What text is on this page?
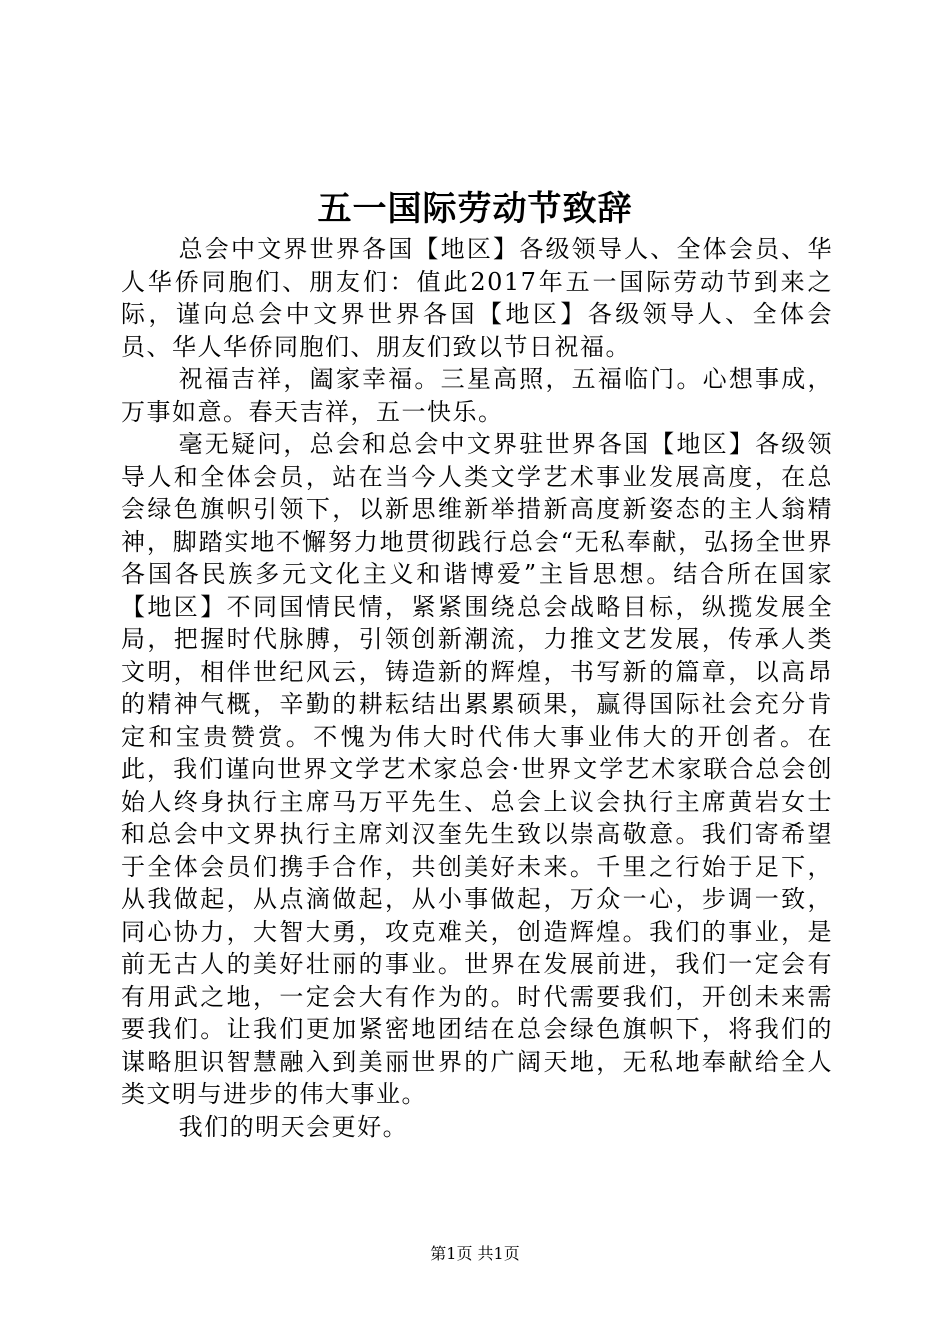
五一国际劳动节致辞

总会中文界世界各国【地区】各级领导人、全体会员、华人华侨同胞们、朋友们：值此2017年五一国际劳动节到来之际，谨向总会中文界世界各国【地区】各级领导人、全体会员、华人华侨同胞们、朋友们致以节日祝福。

祝福吉祥，阖家幸福。三星高照，五福临门。心想事成，万事如意。春天吉祥，五一快乐。

毫无疑问，总会和总会中文界驻世界各国【地区】各级领导人和全体会员，站在当今人类文学艺术事业发展高度，在总会绿色旗帜引领下，以新思维新举措新高度新姿态的主人翁精神，脚踏实地不懈努力地贯彻践行总会“无私奉献，弘扬全世界各国各民族多元文化主义和谐博爱”主旨思想。结合所在国家【地区】不同国情民情，紧紧围绕总会战略目标，纵揽发展全局，把握时代脉膊，引领创新潮流，力推文艺发展，传承人类文明，相伴世纪风云，铸造新的辉煌，书写新的篇章，以高昂的精神气概，辛勤的耕耘结出累累硕果，赢得国际社会充分肯定和宝贵赞赏。不愧为伟大时代伟大事业伟大的开创者。在此，我们谨向世界文学艺术家总会·世界文学艺术家联合总会创始人终身执行主席马万平先生、总会上议会执行主席黄岩女士和总会中文界执行主席刘汉奎先生致以崇高敬意。我们寄希望于全体会员们携手合作，共创美好未来。千里之行始于足下，从我做起，从点滴做起，从小事做起，万众一心，步调一致，同心协力，大智大勇，攻克难关，创造辉煌。我们的事业，是前无古人的美好壮丽的事业。世界在发展前进，我们一定会有有用武之地，一定会大有作为的。时代需要我们，开创未来需要我们。让我们更加紧密地团结在总会绿色旗帜下，将我们的谋略胆识智慧融入到美丽世界的广阔天地，无私地奉献给全人类文明与进步的伟大事业。

我们的明天会更好。

第1页 共1页
